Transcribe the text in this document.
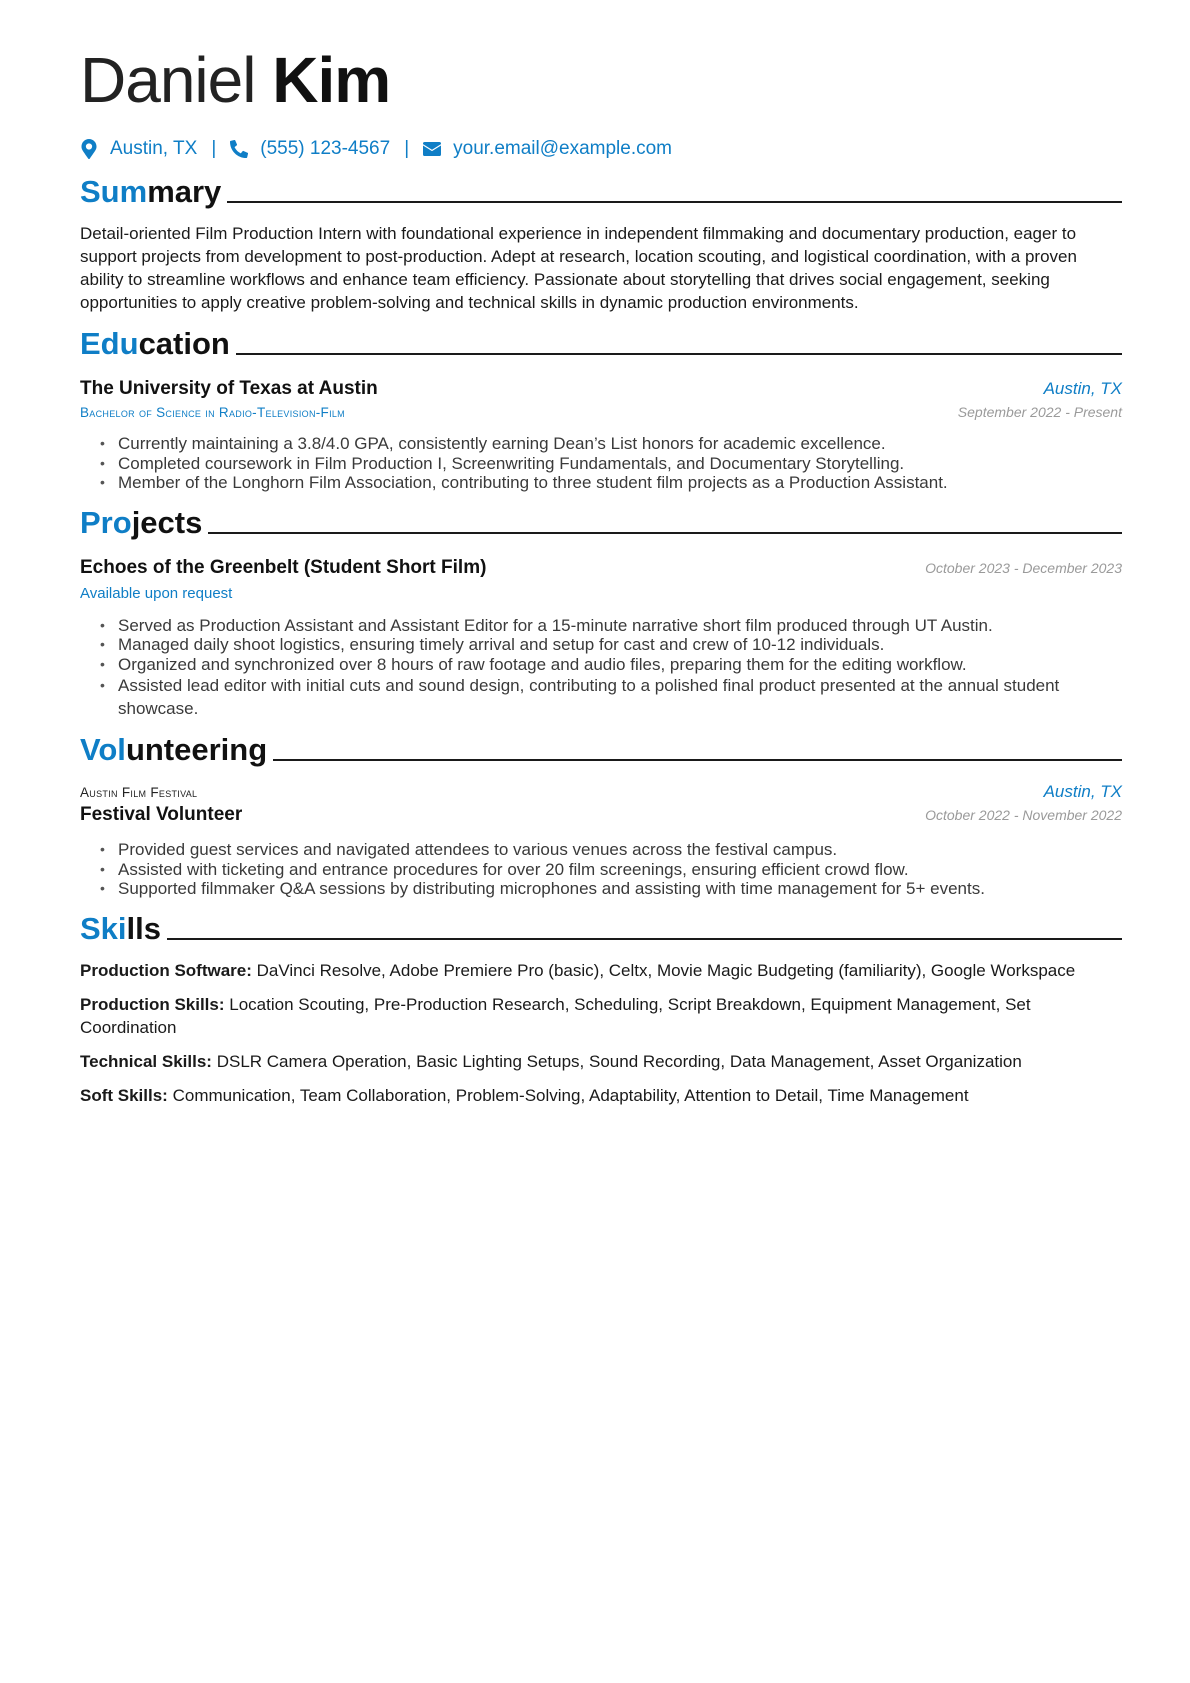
Daniel Kim
Austin, TX | (555) 123-4567 | your.email@example.com
Summary
Detail-oriented Film Production Intern with foundational experience in independent filmmaking and documentary production, eager to support projects from development to post-production. Adept at research, location scouting, and logistical coordination, with a proven ability to streamline workflows and enhance team efficiency. Passionate about storytelling that drives social engagement, seeking opportunities to apply creative problem-solving and technical skills in dynamic production environments.
Education
The University of Texas at Austin	Austin, TX
Bachelor of Science in Radio-Television-Film	September 2022 - Present
• Currently maintaining a 3.8/4.0 GPA, consistently earning Dean’s List honors for academic excellence.
• Completed coursework in Film Production I, Screenwriting Fundamentals, and Documentary Storytelling.
• Member of the Longhorn Film Association, contributing to three student film projects as a Production Assistant.
Projects
Echoes of the Greenbelt (Student Short Film)	October 2023 - December 2023
Available upon request
• Served as Production Assistant and Assistant Editor for a 15-minute narrative short film produced through UT Austin.
• Managed daily shoot logistics, ensuring timely arrival and setup for cast and crew of 10-12 individuals.
• Organized and synchronized over 8 hours of raw footage and audio files, preparing them for the editing workflow.
• Assisted lead editor with initial cuts and sound design, contributing to a polished final product presented at the annual student showcase.
Volunteering
Austin Film Festival	Austin, TX
Festival Volunteer	October 2022 - November 2022
• Provided guest services and navigated attendees to various venues across the festival campus.
• Assisted with ticketing and entrance procedures for over 20 film screenings, ensuring efficient crowd flow.
• Supported filmmaker Q&A sessions by distributing microphones and assisting with time management for 5+ events.
Skills

Production Software: DaVinci Resolve, Adobe Premiere Pro (basic), Celtx, Movie Magic Budgeting (familiarity), Google Workspace

Production Skills: Location Scouting, Pre-Production Research, Scheduling, Script Breakdown, Equipment Management, Set Coordination

Technical Skills: DSLR Camera Operation, Basic Lighting Setups, Sound Recording, Data Management, Asset Organization

Soft Skills: Communication, Team Collaboration, Problem-Solving, Adaptability, Attention to Detail, Time Management
